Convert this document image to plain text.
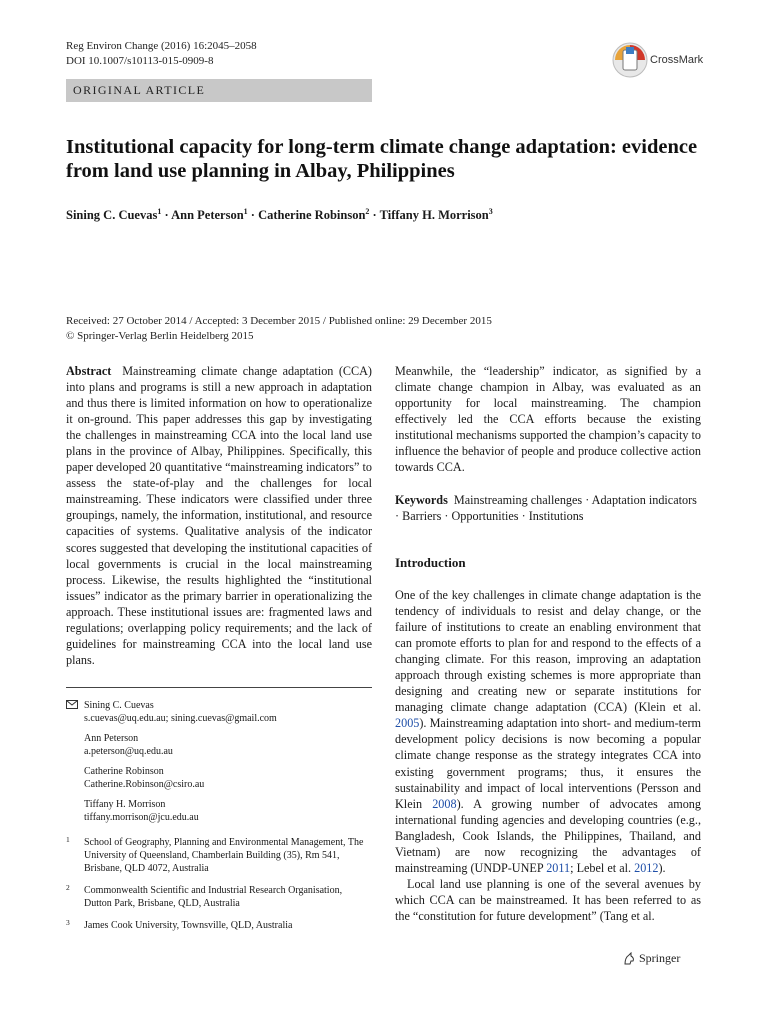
Reg Environ Change (2016) 16:2045–2058
DOI 10.1007/s10113-015-0909-8	CrossMark
ORIGINAL ARTICLE
Institutional capacity for long-term climate change adaptation: evidence from land use planning in Albay, Philippines
Sining C. Cuevas$^1$ · Ann Peterson$^1$ · Catherine Robinson$^2$ · Tiffany H. Morrison$^3$
Received: 27 October 2014 / Accepted: 3 December 2015 / Published online: 29 December 2015
© Springer-Verlag Berlin Heidelberg 2015
Abstract Mainstreaming climate change adaptation (CCA) into plans and programs is still a new approach in adaptation and thus there is limited information on how to operationalize it on-ground. This paper addresses this gap by investigating the challenges in mainstreaming CCA into the local land use plans in the province of Albay, Philippines. Specifically, this paper developed 20 quantitative “mainstreaming indicators” to assess the state-of-play and the challenges for local mainstreaming. These indicators were classified under three groupings, namely, the information, institutional, and resource capacities of systems. Qualitative analysis of the indicator scores suggested that developing the institutional capacities of local governments is crucial in the local mainstreaming process. Likewise, the results highlighted the “institutional issues” indicator as the primary barrier in operationalizing the approach. These institutional issues are: fragmented laws and regulations; overlapping policy requirements; and the lack of guidelines for mainstreaming CCA into the local land use plans.
Meanwhile, the “leadership” indicator, as signified by a climate change champion in Albay, was evaluated as an opportunity for local mainstreaming. The champion effectively led the CCA efforts because the existing institutional mechanisms supported the champion’s capacity to influence the behavior of people and produce collective action towards CCA.
Keywords Mainstreaming challenges · Adaptation indicators · Barriers · Opportunities · Institutions
Introduction

One of the key challenges in climate change adaptation is the tendency of individuals to resist and delay change, or the failure of institutions to create an enabling environment that can promote efforts to plan for and respond to the effects of a changing climate. For this reason, improving an adaptation approach through existing schemes is more appropriate than designing and creating new or separate institutions for managing climate change adaptation (CCA) (Klein et al. 2005). Mainstreaming adaptation into short- and medium-term development policy decisions is now becoming a popular climate change response as the strategy integrates CCA into existing government programs; thus, it ensures the sustainability and impact of local interventions (Persson and Klein 2008). A growing number of advocates among international funding agencies and developing countries (e.g., Bangladesh, Cook Islands, the Philippines, Thailand, and Vietnam) are now recognizing the advantages of mainstreaming (UNDP-UNEP 2011; Lebel et al. 2012).

Local land use planning is one of the several avenues by which CCA can be mainstreamed. It has been referred to as the “constitution for future development” (Tang et al.

Sining C. Cuevas
s.cuevas@uq.edu.au; sining.cuevas@gmail.com
Ann Peterson
a.peterson@uq.edu.au
Catherine Robinson
Catherine.Robinson@csiro.au
Tiffany H. Morrison
tiffany.morrison@jcu.edu.au
1 School of Geography, Planning and Environmental Management, The University of Queensland, Chamberlain Building (35), Rm 541, Brisbane, QLD 4072, Australia
2 Commonwealth Scientific and Industrial Research Organisation, Dutton Park, Brisbane, QLD, Australia
3 James Cook University, Townsville, QLD, Australia
Springer
